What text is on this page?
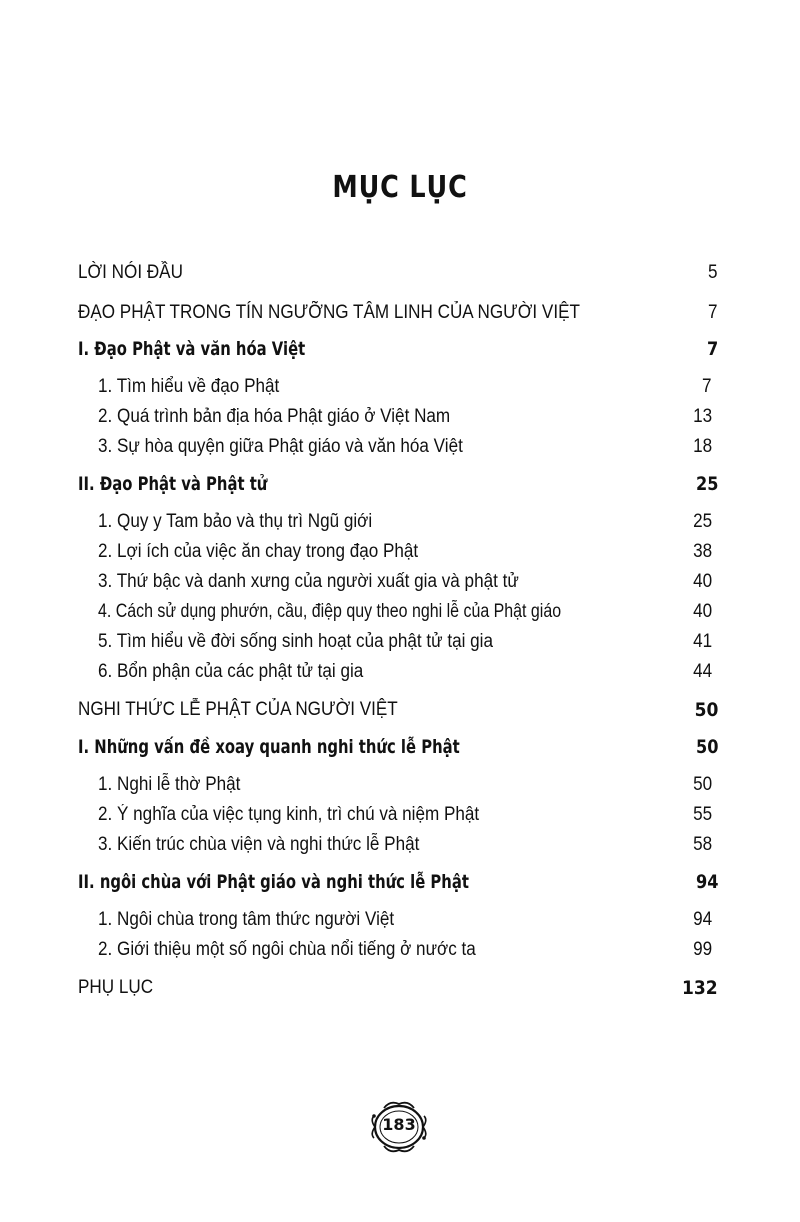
MỤC LỤC
LỜI NÓI ĐẦU	5
ĐẠO PHẬT TRONG TÍN NGƯỠNG TÂM LINH CỦA NGƯỜI VIỆT	7
I. Đạo Phật và văn hóa Việt	7
1. Tìm hiểu về đạo Phật	7
2. Quá trình bản địa hóa Phật giáo ở Việt Nam	13
3. Sự hòa quyện giữa Phật giáo và văn hóa Việt	18
II. Đạo Phật và Phật tử	25
1. Quy y Tam bảo và thụ trì Ngũ giới	25
2. Lợi ích của việc ăn chay trong đạo Phật	38
3. Thứ bậc và danh xưng của người xuất gia và phật tử	40
4. Cách sử dụng phướn, cầu, điệp quy theo nghi lễ của Phật giáo	40
5. Tìm hiểu về đời sống sinh hoạt của phật tử tại gia	41
6. Bổn phận của các phật tử tại gia	44
NGHI THỨC LỄ PHẬT CỦA NGƯỜI VIỆT	50
I. Những vấn đề xoay quanh nghi thức lễ Phật	50
1. Nghi lễ thờ Phật	50
2. Ý nghĩa của việc tụng kinh, trì chú và niệm Phật	55
3. Kiến trúc chùa viện và nghi thức lễ Phật	58
II. ngôi chùa với Phật giáo và nghi thức lễ Phật	94
1. Ngôi chùa trong tâm thức người Việt	94
2. Giới thiệu một số ngôi chùa nổi tiếng ở nước ta	99
PHỤ LỤC	132
183
